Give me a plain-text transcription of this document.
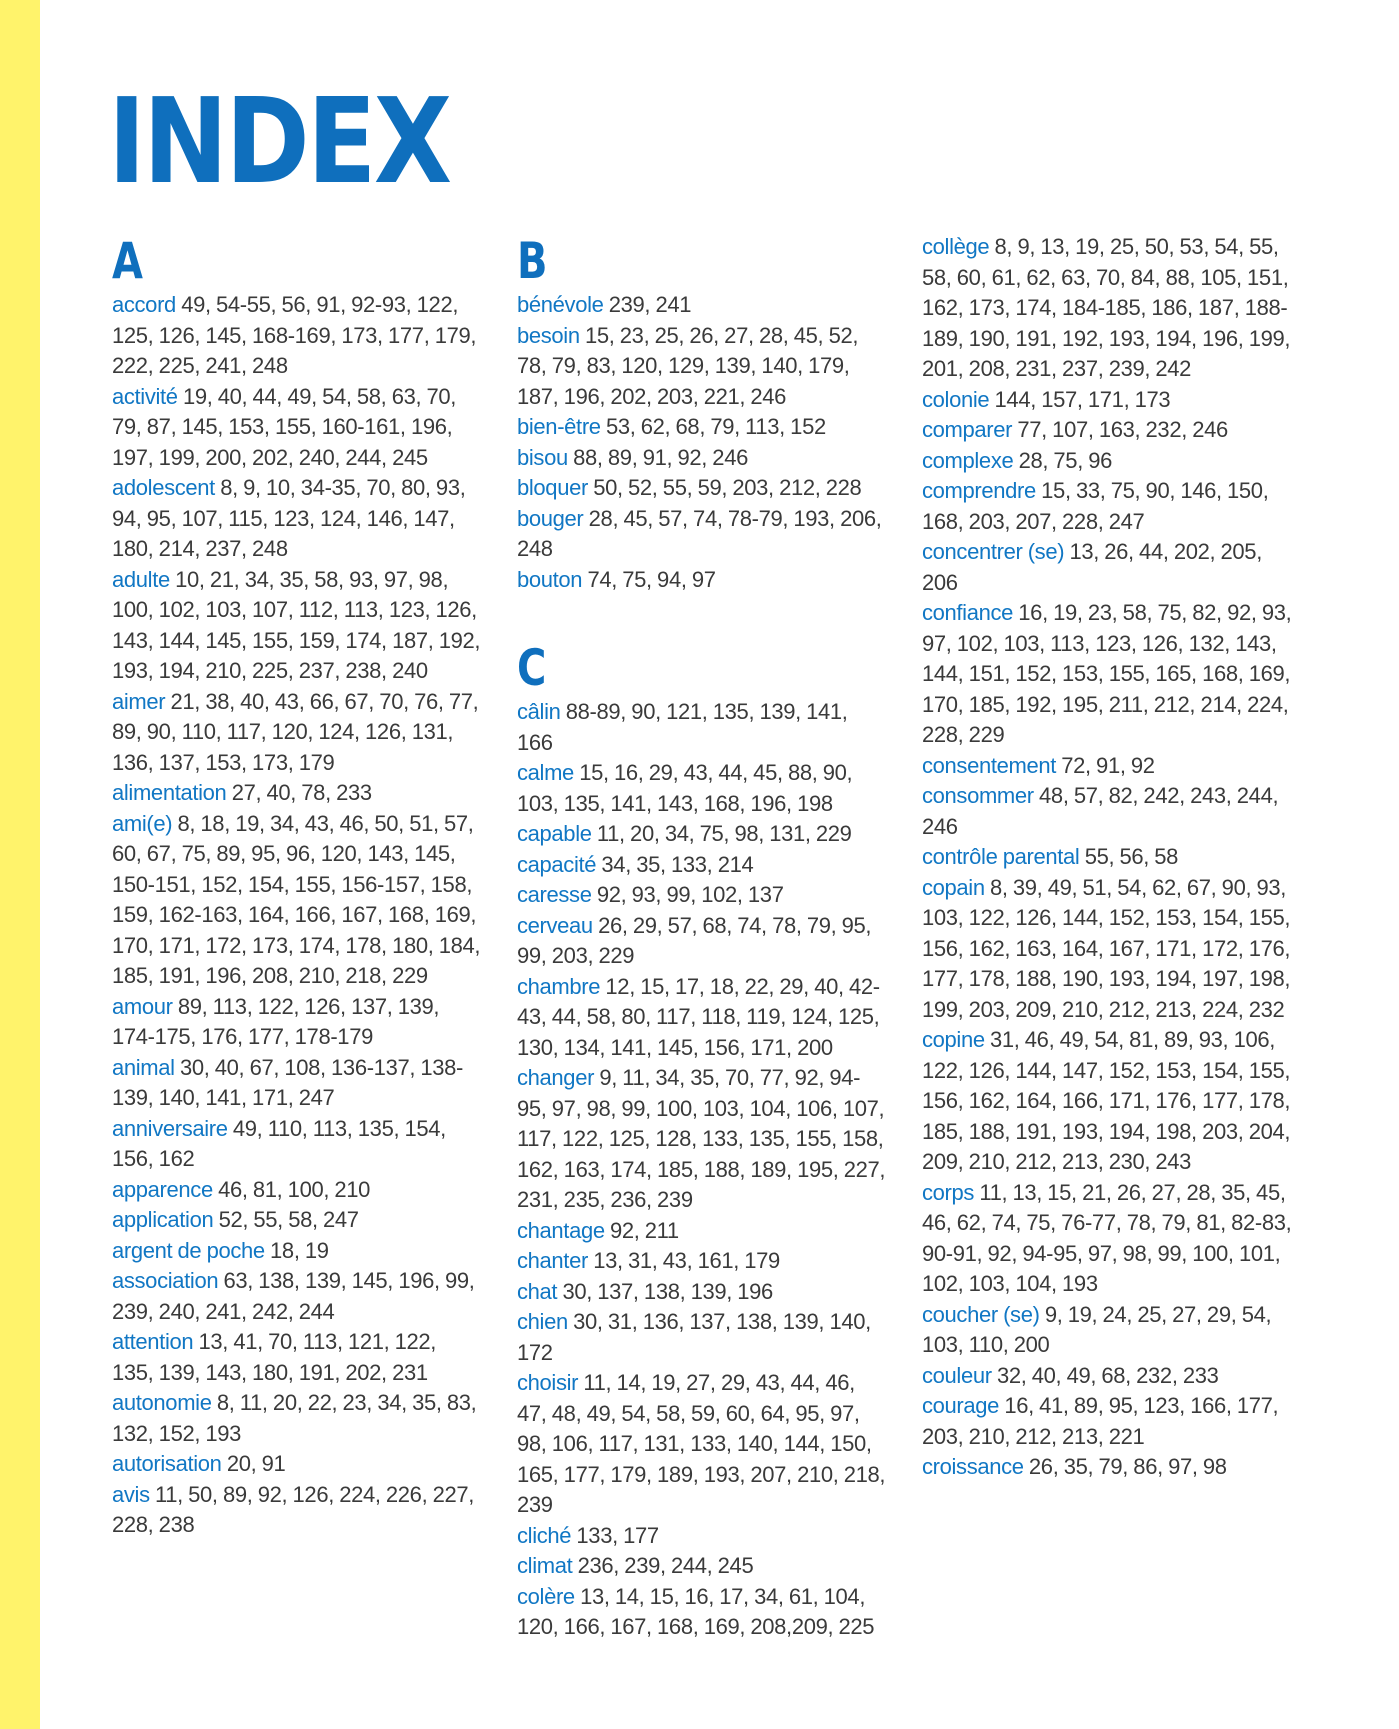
INDEX
A
accord 49, 54-55, 56, 91, 92-93, 122, 125, 126, 145, 168-169, 173, 177, 179, 222, 225, 241, 248
activité 19, 40, 44, 49, 54, 58, 63, 70, 79, 87, 145, 153, 155, 160-161, 196, 197, 199, 200, 202, 240, 244, 245
adolescent 8, 9, 10, 34-35, 70, 80, 93, 94, 95, 107, 115, 123, 124, 146, 147, 180, 214, 237, 248
adulte 10, 21, 34, 35, 58, 93, 97, 98, 100, 102, 103, 107, 112, 113, 123, 126, 143, 144, 145, 155, 159, 174, 187, 192, 193, 194, 210, 225, 237, 238, 240
aimer 21, 38, 40, 43, 66, 67, 70, 76, 77, 89, 90, 110, 117, 120, 124, 126, 131, 136, 137, 153, 173, 179
alimentation 27, 40, 78, 233
ami(e) 8, 18, 19, 34, 43, 46, 50, 51, 57, 60, 67, 75, 89, 95, 96, 120, 143, 145, 150-151, 152, 154, 155, 156-157, 158, 159, 162-163, 164, 166, 167, 168, 169, 170, 171, 172, 173, 174, 178, 180, 184, 185, 191, 196, 208, 210, 218, 229
amour 89, 113, 122, 126, 137, 139, 174-175, 176, 177, 178-179
animal 30, 40, 67, 108, 136-137, 138-139, 140, 141, 171, 247
anniversaire 49, 110, 113, 135, 154, 156, 162
apparence 46, 81, 100, 210
application 52, 55, 58, 247
argent de poche 18, 19
association 63, 138, 139, 145, 196, 99, 239, 240, 241, 242, 244
attention 13, 41, 70, 113, 121, 122, 135, 139, 143, 180, 191, 202, 231
autonomie 8, 11, 20, 22, 23, 34, 35, 83, 132, 152, 193
autorisation 20, 91
avis 11, 50, 89, 92, 126, 224, 226, 227, 228, 238
B
bénévole 239, 241
besoin 15, 23, 25, 26, 27, 28, 45, 52, 78, 79, 83, 120, 129, 139, 140, 179, 187, 196, 202, 203, 221, 246
bien-être 53, 62, 68, 79, 113, 152
bisou 88, 89, 91, 92, 246
bloquer 50, 52, 55, 59, 203, 212, 228
bouger 28, 45, 57, 74, 78-79, 193, 206, 248
bouton 74, 75, 94, 97
C
câlin 88-89, 90, 121, 135, 139, 141, 166
calme 15, 16, 29, 43, 44, 45, 88, 90, 103, 135, 141, 143, 168, 196, 198
capable 11, 20, 34, 75, 98, 131, 229
capacité 34, 35, 133, 214
caresse 92, 93, 99, 102, 137
cerveau 26, 29, 57, 68, 74, 78, 79, 95, 99, 203, 229
chambre 12, 15, 17, 18, 22, 29, 40, 42-43, 44, 58, 80, 117, 118, 119, 124, 125, 130, 134, 141, 145, 156, 171, 200
changer 9, 11, 34, 35, 70, 77, 92, 94-95, 97, 98, 99, 100, 103, 104, 106, 107, 117, 122, 125, 128, 133, 135, 155, 158, 162, 163, 174, 185, 188, 189, 195, 227, 231, 235, 236, 239
chantage 92, 211
chanter 13, 31, 43, 161, 179
chat 30, 137, 138, 139, 196
chien 30, 31, 136, 137, 138, 139, 140, 172
choisir 11, 14, 19, 27, 29, 43, 44, 46, 47, 48, 49, 54, 58, 59, 60, 64, 95, 97, 98, 106, 117, 131, 133, 140, 144, 150, 165, 177, 179, 189, 193, 207, 210, 218, 239
cliché 133, 177
climat 236, 239, 244, 245
colère 13, 14, 15, 16, 17, 34, 61, 104, 120, 166, 167, 168, 169, 208,209, 225
collège 8, 9, 13, 19, 25, 50, 53, 54, 55, 58, 60, 61, 62, 63, 70, 84, 88, 105, 151, 162, 173, 174, 184-185, 186, 187, 188-189, 190, 191, 192, 193, 194, 196, 199, 201, 208, 231, 237, 239, 242
colonie 144, 157, 171, 173
comparer 77, 107, 163, 232, 246
complexe 28, 75, 96
comprendre 15, 33, 75, 90, 146, 150, 168, 203, 207, 228, 247
concentrer (se) 13, 26, 44, 202, 205, 206
confiance 16, 19, 23, 58, 75, 82, 92, 93, 97, 102, 103, 113, 123, 126, 132, 143, 144, 151, 152, 153, 155, 165, 168, 169, 170, 185, 192, 195, 211, 212, 214, 224, 228, 229
consentement 72, 91, 92
consommer 48, 57, 82, 242, 243, 244, 246
contrôle parental 55, 56, 58
copain 8, 39, 49, 51, 54, 62, 67, 90, 93, 103, 122, 126, 144, 152, 153, 154, 155, 156, 162, 163, 164, 167, 171, 172, 176, 177, 178, 188, 190, 193, 194, 197, 198, 199, 203, 209, 210, 212, 213, 224, 232
copine 31, 46, 49, 54, 81, 89, 93, 106, 122, 126, 144, 147, 152, 153, 154, 155, 156, 162, 164, 166, 171, 176, 177, 178, 185, 188, 191, 193, 194, 198, 203, 204, 209, 210, 212, 213, 230, 243
corps 11, 13, 15, 21, 26, 27, 28, 35, 45, 46, 62, 74, 75, 76-77, 78, 79, 81, 82-83, 90-91, 92, 94-95, 97, 98, 99, 100, 101, 102, 103, 104, 193
coucher (se) 9, 19, 24, 25, 27, 29, 54, 103, 110, 200
couleur 32, 40, 49, 68, 232, 233
courage 16, 41, 89, 95, 123, 166, 177, 203, 210, 212, 213, 221
croissance 26, 35, 79, 86, 97, 98
